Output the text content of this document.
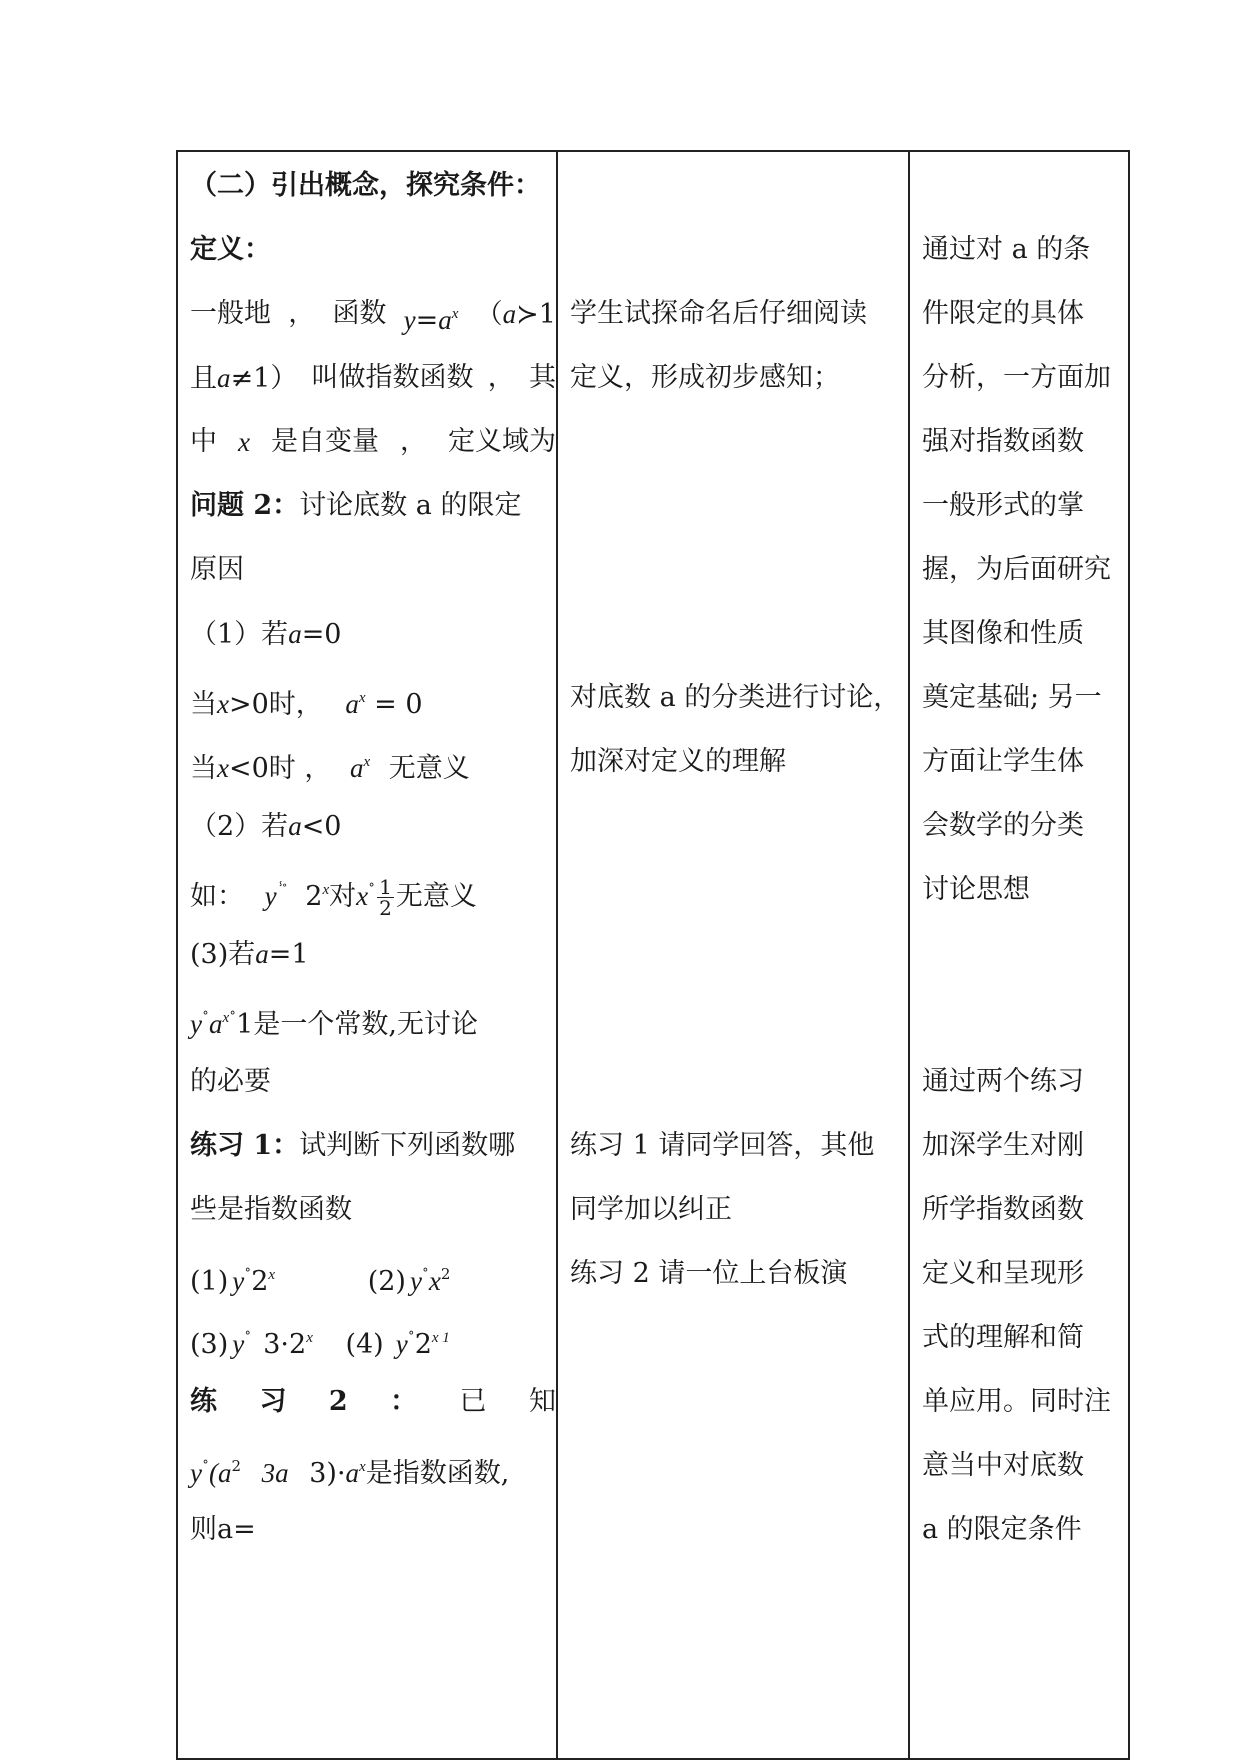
（二）引出概念，探究条件：
定义：
一般地 ， 函数 $y=a^x$ （a≻1
且a≠1） 叫做指数函数 ， 其
中 x 是自变量 ， 定义域为
问题 2：讨论底数 a 的限定
原因
（1）若a=0
当x>0时， $a^x = 0$
当x<0时 ， $a^x$ 无意义
（2）若a<0
如： $y^{ⸯ̊}$ 2$^x$对$x^˚ \frac{1}{2}$ 无意义
(3)若a=1
$y^˚a^{x˚}1$是一个常数,无讨论
的必要
练习 1：试判断下列函数哪
些是指数函数
(1) y˚2$^x$	(2) $y^˚x^2$
(3) y˚ $3\cdot 2^x$ (4) $y^˚2^{x 1}$
练 习 2 ： 已 知
$y^˚(a^2$ 3a $3)\cdot a^x$是指数函数,
则a=
学生试探命名后仔细阅读
定义，形成初步感知；
对底数 a 的分类进行讨论，
加深对定义的理解
练习 1 请同学回答，其他
同学加以纠正
练习 2 请一位上台板演
通过对 a 的条
件限定的具体
分析，一方面加
强对指数函数
一般形式的掌
握，为后面研究
其图像和性质
奠定基础; 另一
方面让学生体
会数学的分类
讨论思想
通过两个练习
加深学生对刚
所学指数函数
定义和呈现形
式的理解和简
单应用。同时注
意当中对底数
a 的限定条件
